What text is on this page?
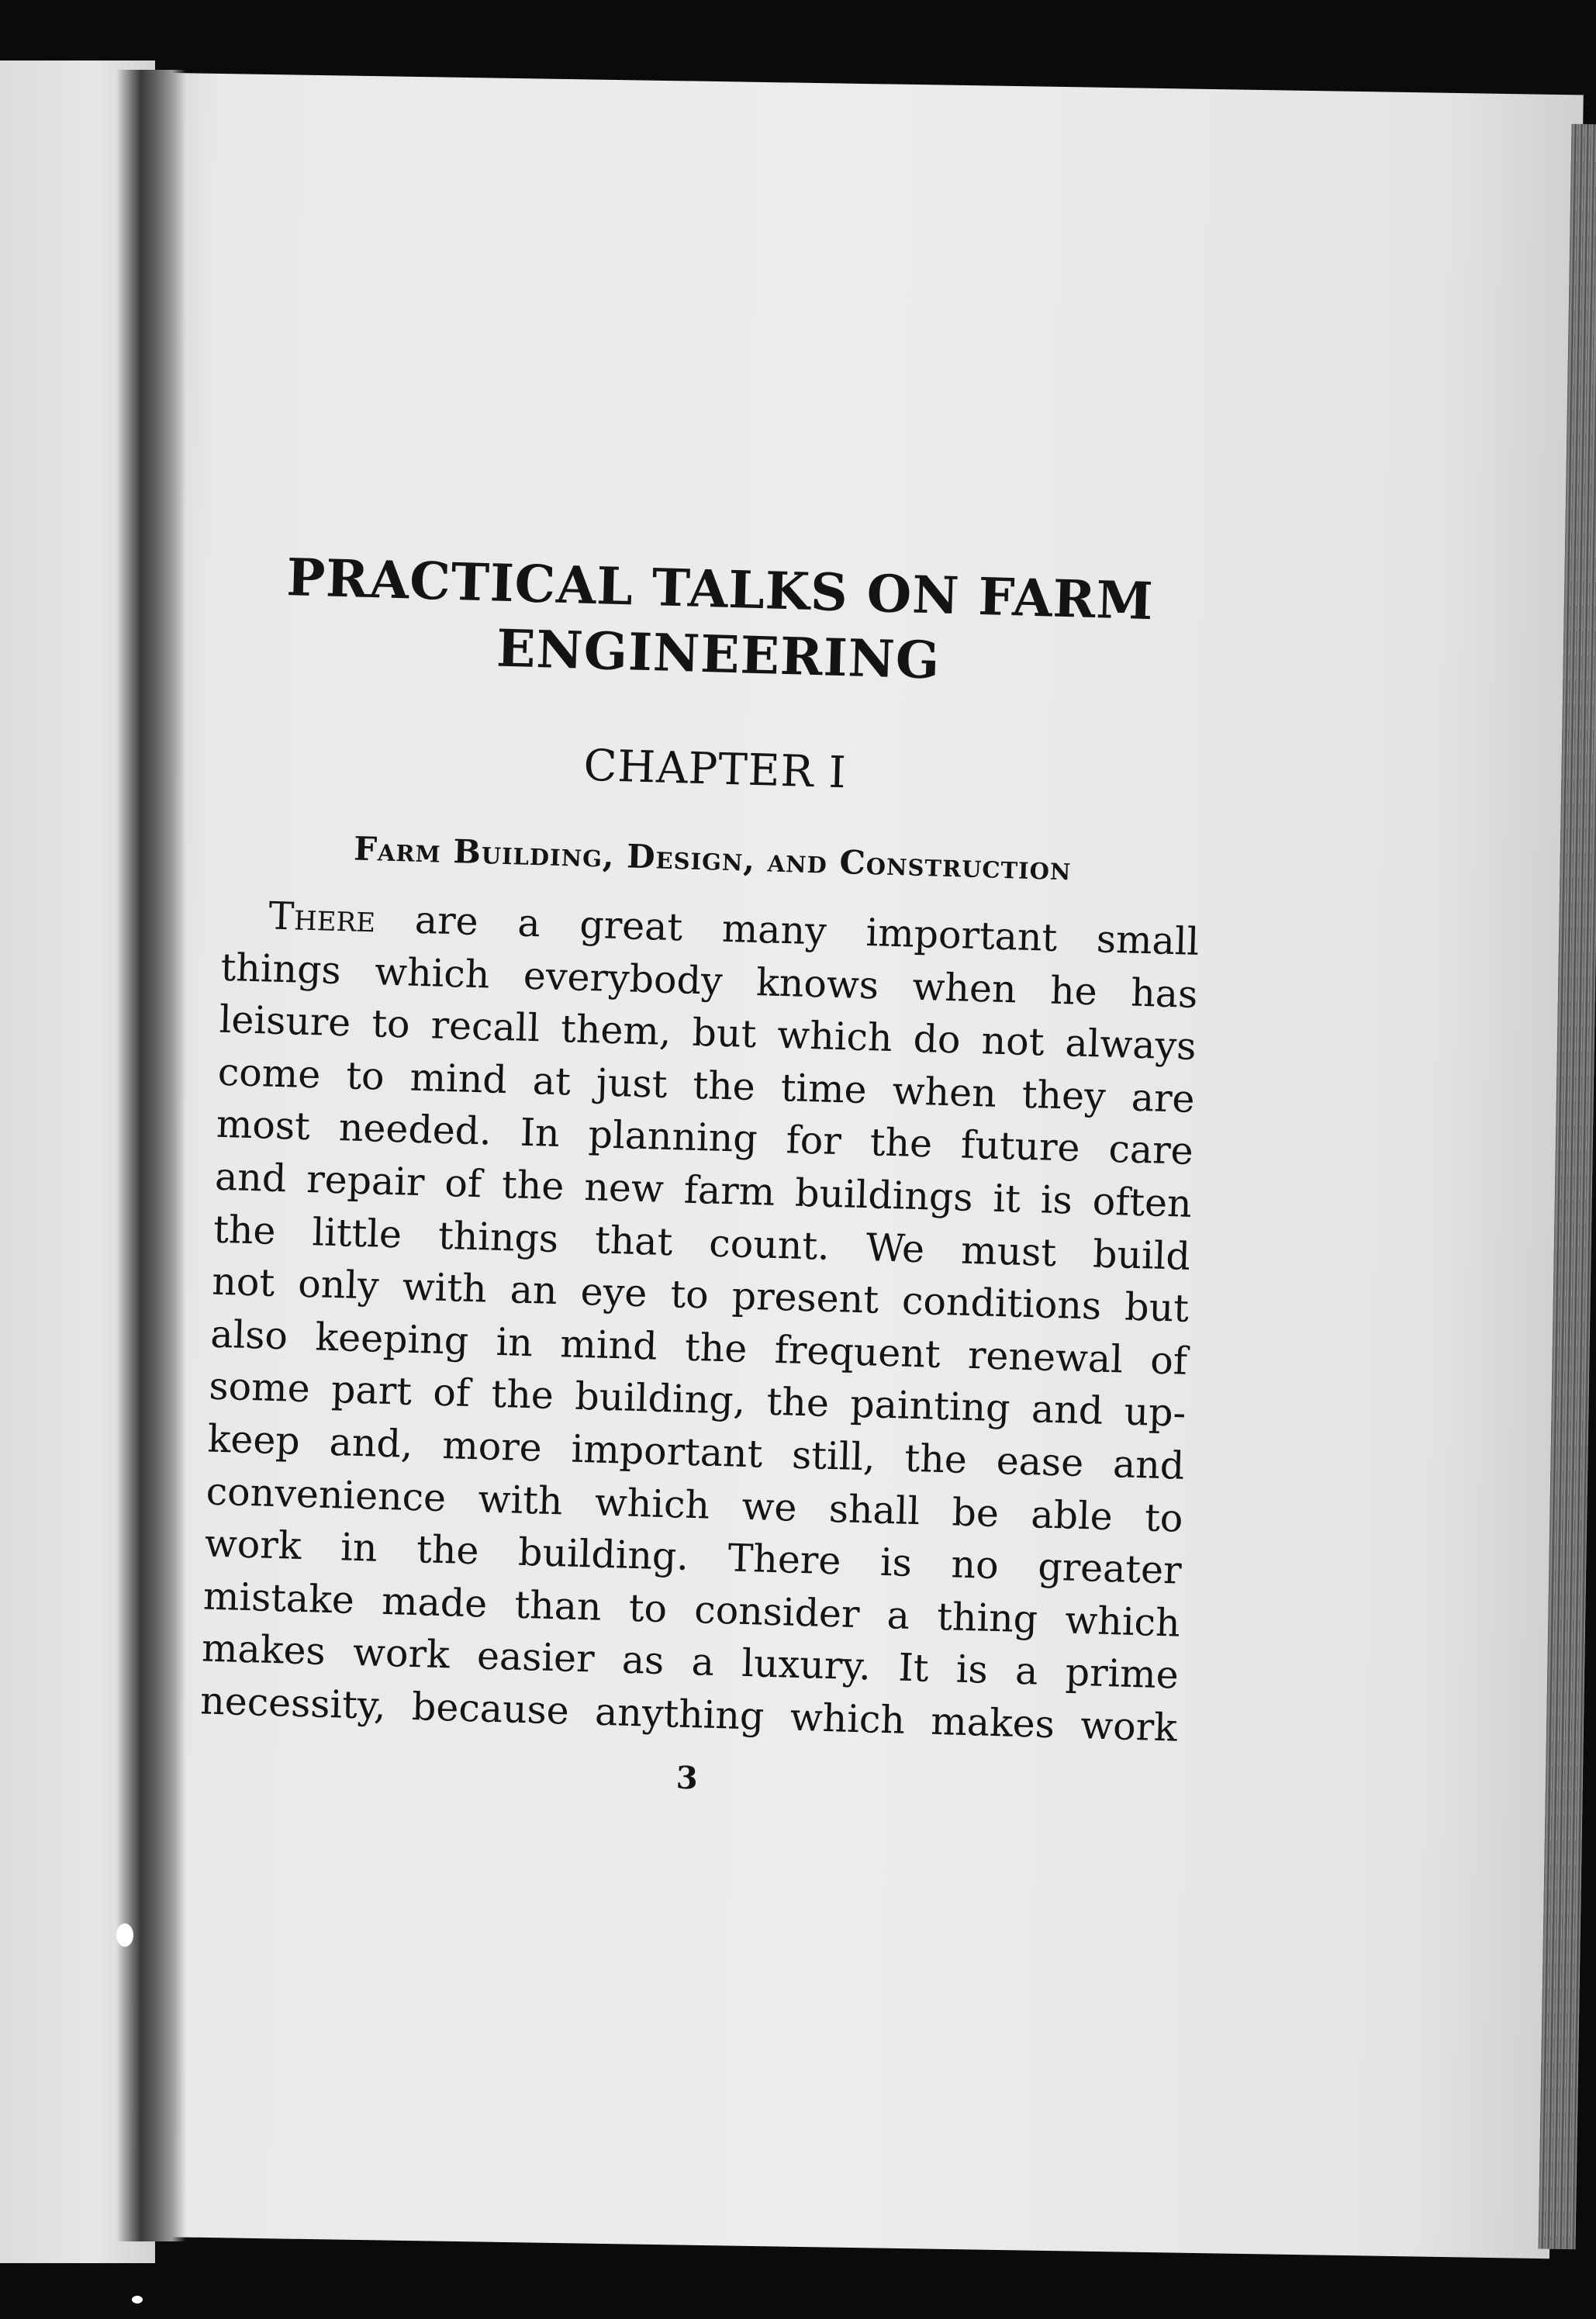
PRACTICAL TALKS ON FARM

ENGINEERING

CHAPTER I
Farm Building, Design, and Construction
There are a great many important small
things which everybody knows when he has
leisure to recall them, but which do not always
come to mind at just the time when they are
most needed. In planning for the future care
and repair of the new farm buildings it is often
the little things that count. We must build
not only with an eye to present conditions but
also keeping in mind the frequent renewal of
some part of the building, the painting and up-
keep and, more important still, the ease and
convenience with which we shall be able to
work in the building. There is no greater
mistake made than to consider a thing which
makes work easier as a luxury. It is a prime
necessity, because anything which makes work
3
